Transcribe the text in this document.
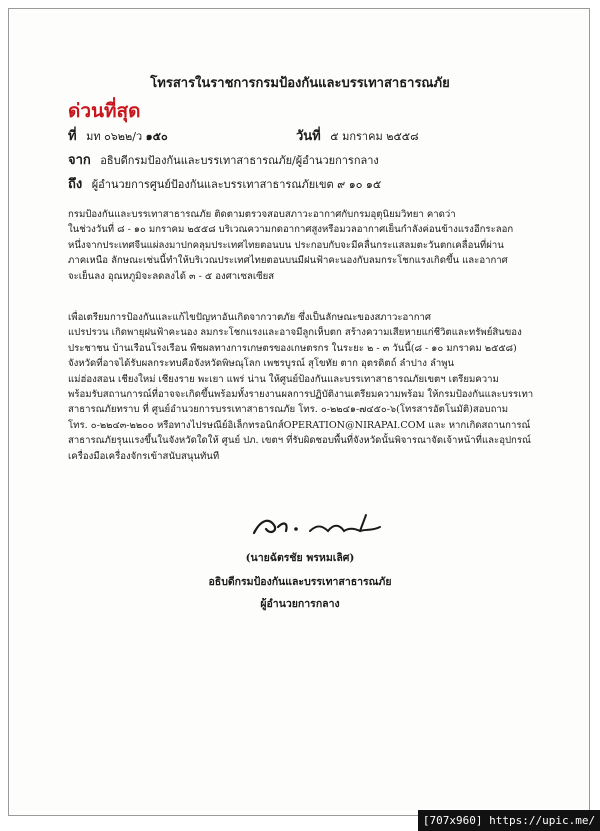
โทรสารในราชการกรมป้องกันและบรรเทาสาธารณภัย
ด่วนที่สุด
ที่ มท ๐๖๒๒/ว ๑๕๐	วันที่ ๕ มกราคม ๒๕๕๘
จาก อธิบดีกรมป้องกันและบรรเทาสาธารณภัย/ผู้อำนวยการกลาง
ถึง ผู้อำนวยการศูนย์ป้องกันและบรรเทาสาธารณภัยเขต ๙ ๑๐ ๑๕
กรมป้องกันและบรรเทาสาธารณภัย ติดตามตรวจสอบสภาวะอากาศกับกรมอุตุนิยมวิทยา คาดว่า
ในช่วงวันที่ ๘ - ๑๐ มกราคม ๒๕๕๘ บริเวณความกดอากาศสูงหรือมวลอากาศเย็นกำลังค่อนข้างแรงอีกระลอก
หนึ่งจากประเทศจีนแผ่ลงมาปกคลุมประเทศไทยตอนบน ประกอบกับจะมีคลื่นกระแสลมตะวันตกเคลื่อนที่ผ่าน
ภาคเหนือ ลักษณะเช่นนี้ทำให้บริเวณประเทศไทยตอนบนมีฝนฟ้าคะนองกับลมกระโชกแรงเกิดขึ้น และอากาศ
จะเย็นลง อุณหภูมิจะลดลงได้ ๓ - ๕ องศาเซลเซียส
เพื่อเตรียมการป้องกันและแก้ไขปัญหาอันเกิดจากวาตภัย ซึ่งเป็นลักษณะของสภาวะอากาศ
แปรปรวน เกิดพายุฝนฟ้าคะนอง ลมกระโชกแรงและอาจมีลูกเห็บตก สร้างความเสียหายแก่ชีวิตและทรัพย์สินของ
ประชาชน บ้านเรือนโรงเรือน พืชผลทางการเกษตรของเกษตรกร ในระยะ ๒ - ๓ วันนี้(๘ - ๑๐ มกราคม ๒๕๕๘)
จังหวัดที่อาจได้รับผลกระทบคือจังหวัดพิษณุโลก เพชรบูรณ์ สุโขทัย ตาก อุตรดิตถ์ ลำปาง ลำพูน
แม่ฮ่องสอน เชียงใหม่ เชียงราย พะเยา แพร่ น่าน ให้ศูนย์ป้องกันและบรรเทาสาธารณภัยเขตฯ เตรียมความ
พร้อมรับสถานการณ์ที่อาจจะเกิดขึ้นพร้อมทั้งรายงานผลการปฏิบัติงานเตรียมความพร้อม ให้กรมป้องกันและบรรเทา
สาธารณภัยทราบ ที่ ศูนย์อำนวยการบรรเทาสาธารณภัย โทร. ๐-๒๒๔๑-๗๔๕๐-๖(โทรสารอัตโนมัติ)สอบถาม
โทร. ๐-๒๒๔๓-๒๒๐๐ หรือทางไปรษณีย์อิเล็กทรอนิกส์OPERATION@NIRAPAI.COM และ หากเกิดสถานการณ์
สาธารณภัยรุนแรงขึ้นในจังหวัดใดให้ ศูนย์ ปภ. เขตฯ ที่รับผิดชอบพื้นที่จังหวัดนั้นพิจารณาจัดเจ้าหน้าที่และอุปกรณ์
เครื่องมือเครื่องจักรเข้าสนับสนุนทันที
(นายฉัตรชัย พรหมเลิศ)
อธิบดีกรมป้องกันและบรรเทาสาธารณภัย
ผู้อำนวยการกลาง
[707x960] https://upic.me/
